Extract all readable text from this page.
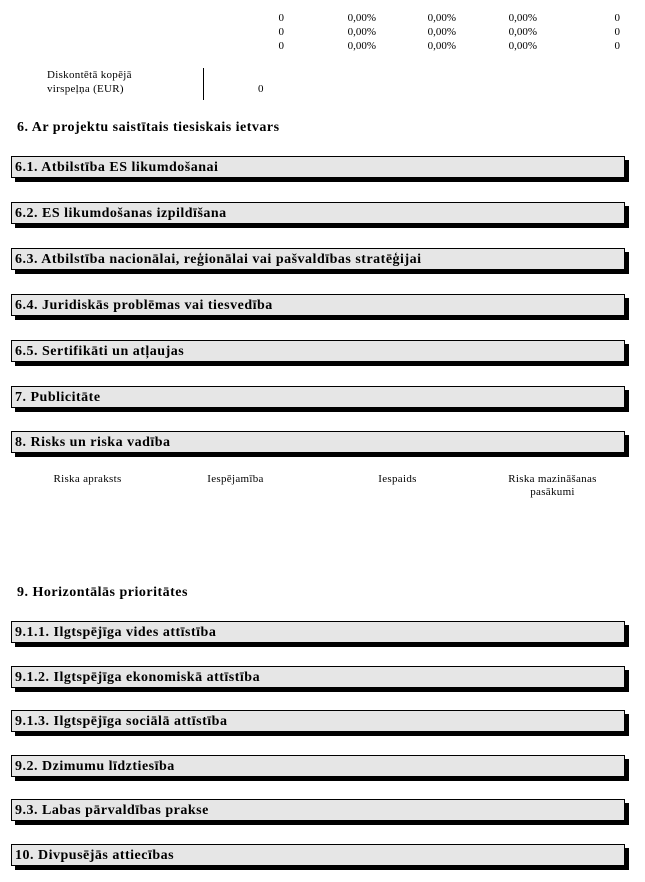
0	0,00%	0,00%	0,00%	0
0	0,00%	0,00%	0,00%	0
0	0,00%	0,00%	0,00%	0
Diskontētā kopējā
virspeļņa (EUR)	0
6. Ar projektu saistītais tiesiskais ietvars
6.1. Atbilstība ES likumdošanai
6.2. ES likumdošanas izpildīšana
6.3. Atbilstība nacionālai, reģionālai vai pašvaldības stratēģijai
6.4. Juridiskās problēmas vai tiesvedība
6.5. Sertifikāti un atļaujas
7. Publicitāte
8. Risks un riska vadība
Riska apraksts	Iespējamība	Iespaids	Riska mazināšanas
pasākumi
9. Horizontālās prioritātes
9.1.1. Ilgtspējīga vides attīstība
9.1.2. Ilgtspējīga ekonomiskā attīstība
9.1.3. Ilgtspējīga sociālā attīstība
9.2. Dzimumu līdztiesība
9.3. Labas pārvaldības prakse
10. Divpusējās attiecības
